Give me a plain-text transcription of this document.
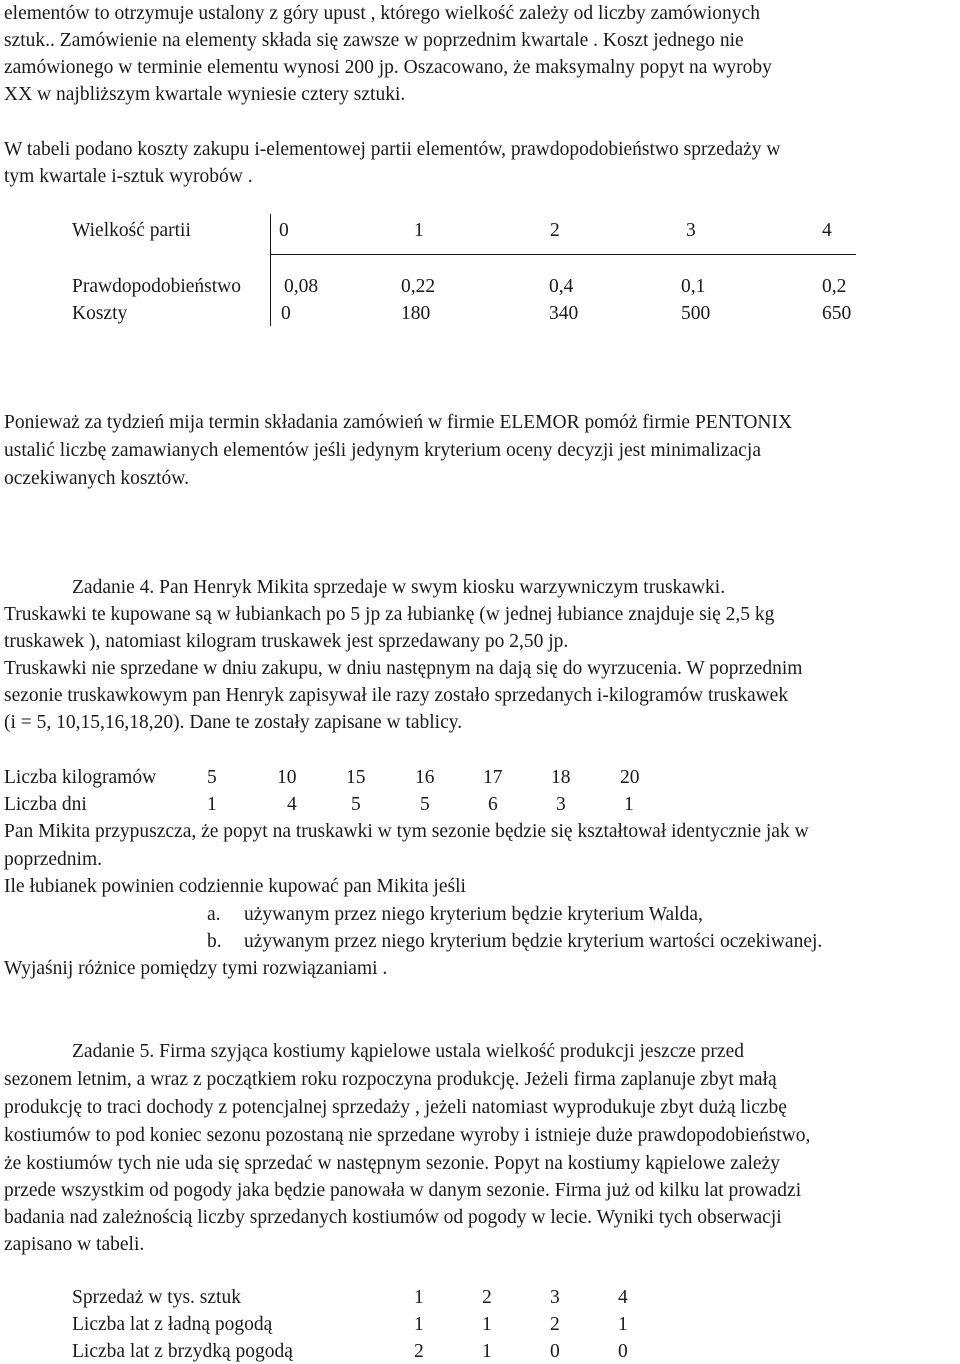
elementów to otrzymuje ustalony z góry upust , którego wielkość zależy od liczby zamówionych
sztuk.. Zamówienie na elementy składa się zawsze w poprzednim kwartale . Koszt jednego nie
zamówionego w terminie elementu wynosi 200 jp. Oszacowano, że maksymalny popyt na wyroby
XX w najbliższym kwartale wyniesie cztery sztuki.
W tabeli podano koszty zakupu i-elementowej partii elementów, prawdopodobieństwo sprzedaży w
tym kwartale i-sztuk wyrobów .
Wielkość partii	0	1	2	3	4
Prawdopodobieństwo 0,08	0,22	0,4	0,1	0,2
Koszty	0	180	340	500	650
Ponieważ za tydzień mija termin składania zamówień w firmie ELEMOR pomóż firmie PENTONIX
ustalić liczbę zamawianych elementów jeśli jedynym kryterium oceny decyzji jest minimalizacja
oczekiwanych kosztów.
Zadanie 4. Pan Henryk Mikita sprzedaje w swym kiosku warzywniczym truskawki.
Truskawki te kupowane są w łubiankach po 5 jp za łubiankę (w jednej łubiance znajduje się 2,5 kg
truskawek ), natomiast kilogram truskawek jest sprzedawany po 2,50 jp.
Truskawki nie sprzedane w dniu zakupu, w dniu następnym na dają się do wyrzucenia. W poprzednim
sezonie truskawkowym pan Henryk zapisywał ile razy zostało sprzedanych i-kilogramów truskawek
(i = 5, 10,15,16,18,20). Dane te zostały zapisane w tablicy.
Liczba kilogramów	5	10	15	16 17 18	20
Liczba dni	1	4	5	5	6	3	1
Pan Mikita przypuszcza, że popyt na truskawki w tym sezonie będzie się kształtował identycznie jak w
poprzednim.
Ile łubianek powinien codziennie kupować pan Mikita jeśli
a. używanym przez niego kryterium będzie kryterium Walda,
b. używanym przez niego kryterium będzie kryterium wartości oczekiwanej.
Wyjaśnij różnice pomiędzy tymi rozwiązaniami .
Zadanie 5. Firma szyjąca kostiumy kąpielowe ustala wielkość produkcji jeszcze przed
sezonem letnim, a wraz z początkiem roku rozpoczyna produkcję. Jeżeli firma zaplanuje zbyt małą
produkcję to traci dochody z potencjalnej sprzedaży , jeżeli natomiast wyprodukuje zbyt dużą liczbę
kostiumów to pod koniec sezonu pozostaną nie sprzedane wyroby i istnieje duże prawdopodobieństwo,
że kostiumów tych nie uda się sprzedać w następnym sezonie. Popyt na kostiumy kąpielowe zależy
przede wszystkim od pogody jaka będzie panowała w danym sezonie. Firma już od kilku lat prowadzi
badania nad zależnością liczby sprzedanych kostiumów od pogody w lecie. Wyniki tych obserwacji
zapisano w tabeli.
Sprzedaż w tys. sztuk	1	2	3	4
Liczba lat z ładną pogodą	1	1	2	1
Liczba lat z brzydką pogodą	2	1	0	0
